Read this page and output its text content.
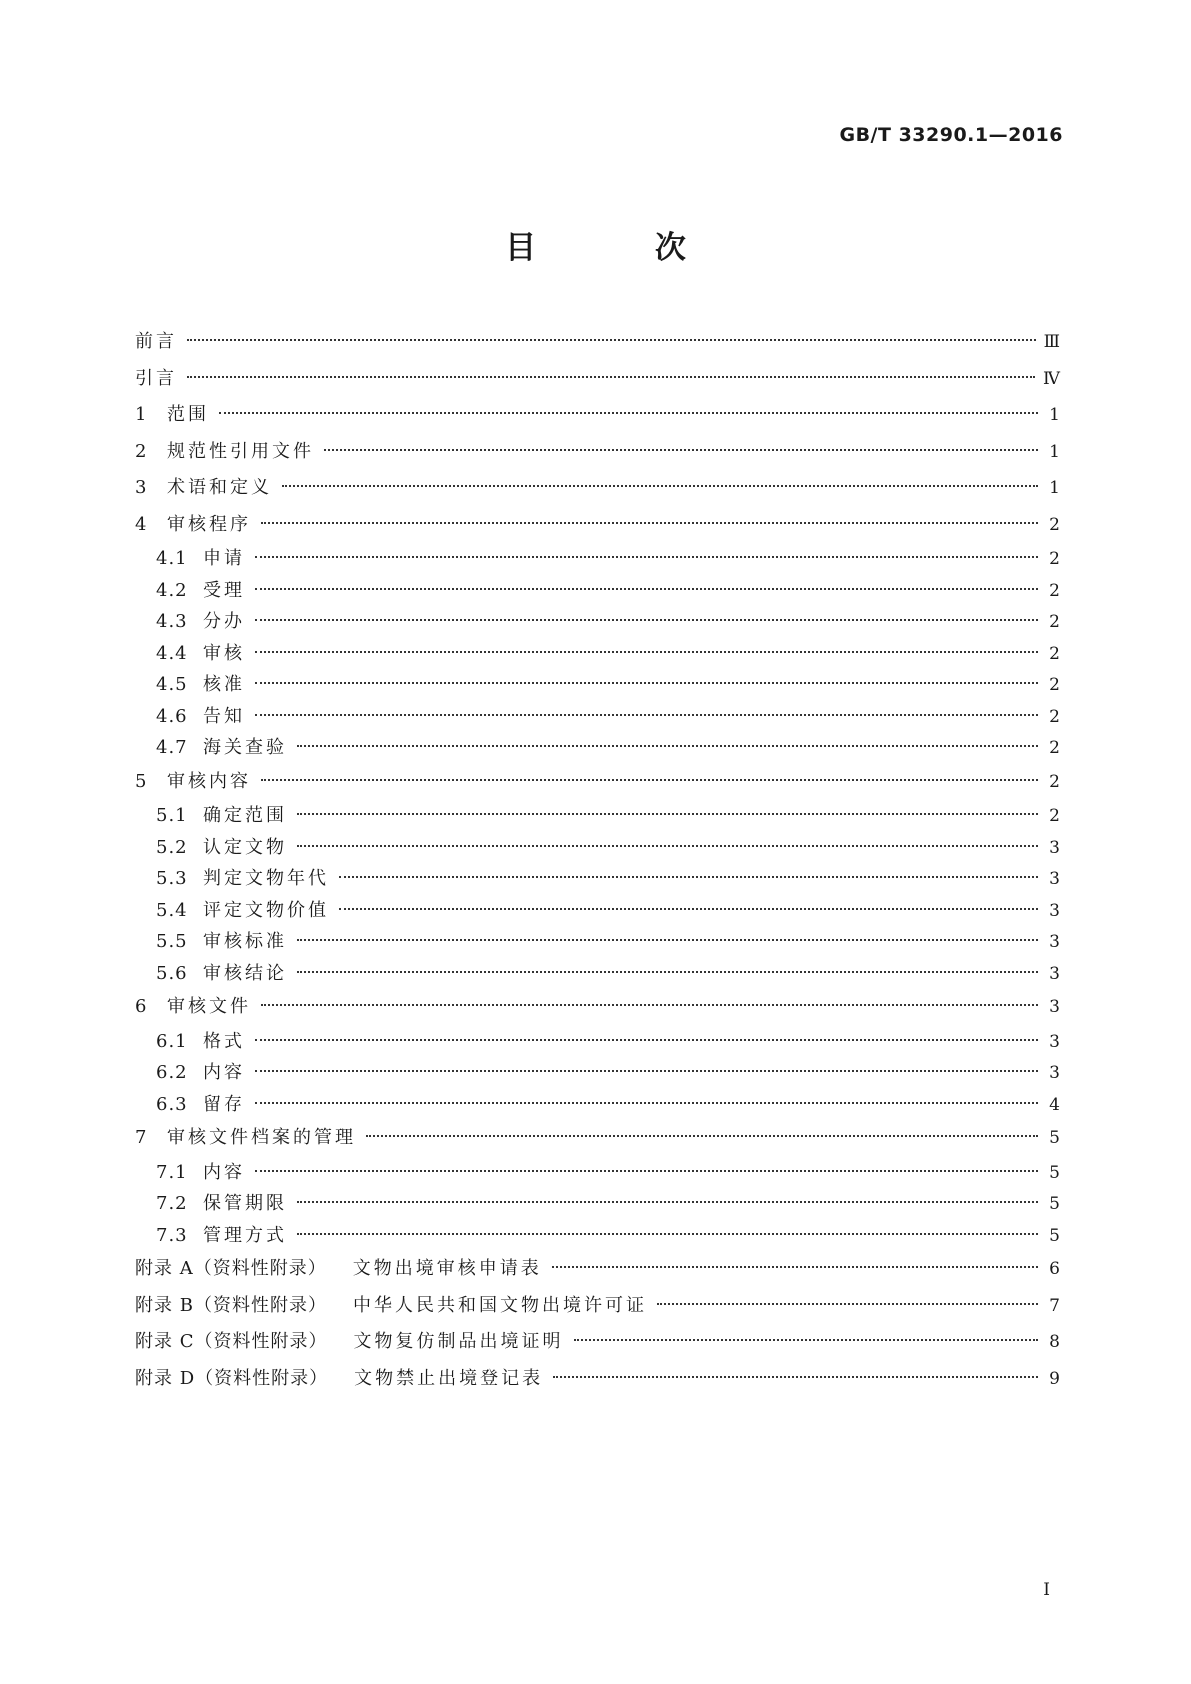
GB/T 33290.1—2016
目 次
前言	Ⅲ
引言	Ⅳ
1	范围	1
2	规范性引用文件	1
3	术语和定义	1
4	审核程序	2
4.1 申请	2
4.2 受理	2
4.3 分办	2
4.4 审核	2
4.5 核准	2
4.6 告知	2
4.7 海关查验	2
5	审核内容	2
5.1 确定范围	2
5.2 认定文物	3
5.3 判定文物年代	3
5.4 评定文物价值	3
5.5 审核标准	3
5.6 审核结论	3
6	审核文件	3
6.1 格式	3
6.2 内容	3
6.3 留存	4
7	审核文件档案的管理	5
7.1 内容	5
7.2 保管期限	5
7.3 管理方式	5
附录 A（资料性附录） 文物出境审核申请表	6
附录 B（资料性附录） 中华人民共和国文物出境许可证	7
附录 C（资料性附录） 文物复仿制品出境证明	8
附录 D（资料性附录） 文物禁止出境登记表	9
I
